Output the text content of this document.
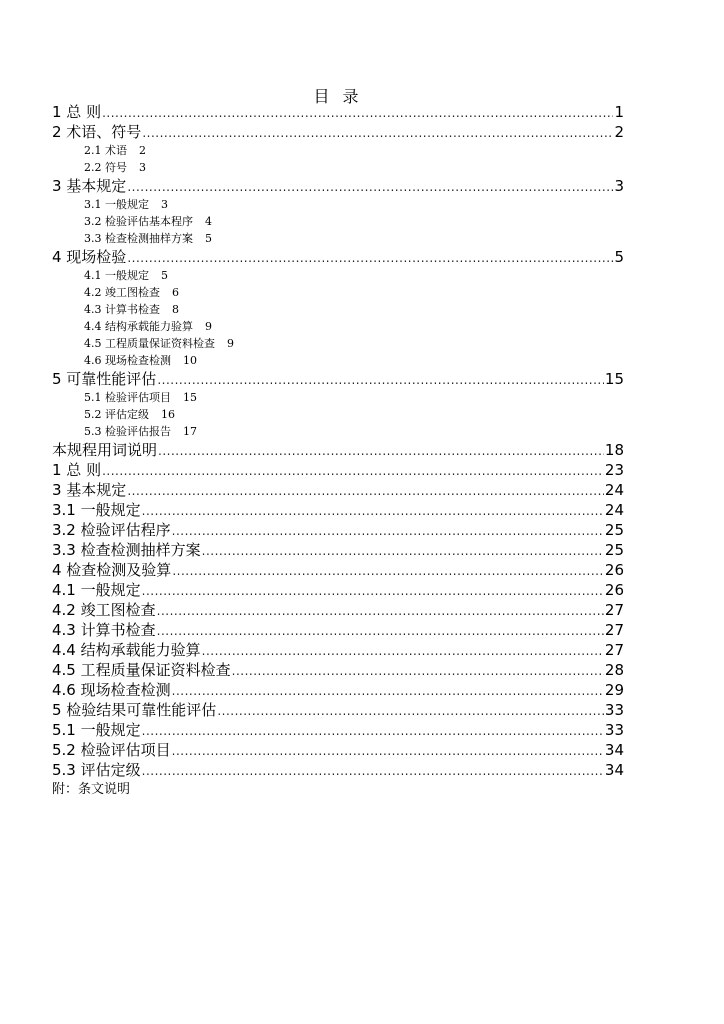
目 录
1 总 则 .....	1
2 术语、符号 .....	2
2.1 术语 2
2.2 符号 3
3 基本规定 .....	3
3.1 一般规定 3
3.2 检验评估基本程序 4
3.3 检查检测抽样方案 5
4 现场检验 .....	5
4.1 一般规定 5
4.2 竣工图检查 6
4.3 计算书检查 8
4.4 结构承载能力验算 9
4.5 工程质量保证资料检查 9
4.6 现场检查检测 10
5 可靠性能评估 .....	15
5.1 检验评估项目 15
5.2 评估定级 16
5.3 检验评估报告 17
本规程用词说明 .....	18
1 总 则 .....	23
3 基本规定 .....	24
3.1 一般规定 .....	24
3.2 检验评估程序 .....	25
3.3 检查检测抽样方案 .....	25
4 检查检测及验算 .....	26
4.1 一般规定 .....	26
4.2 竣工图检查 .....	27
4.3 计算书检查 .....	27
4.4 结构承载能力验算 .....	27
4.5 工程质量保证资料检查 .....	28
4.6 现场检查检测 .....	29
5 检验结果可靠性能评估 .....	33
5.1 一般规定 .....	33
5.2 检验评估项目 .....	34
5.3 评估定级 .....	34
附：条文说明
